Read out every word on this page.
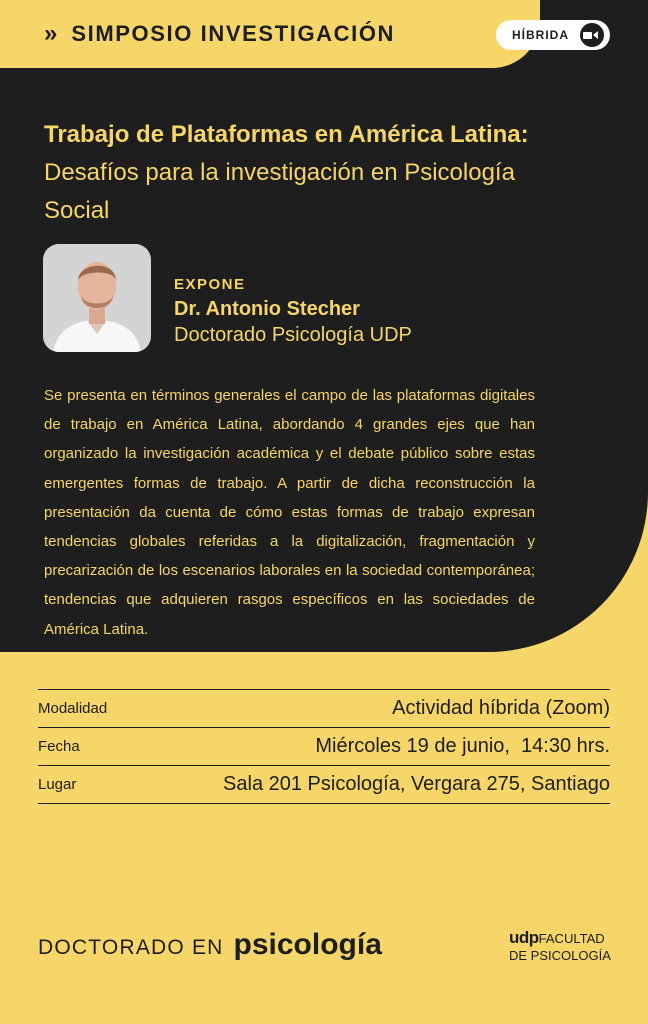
» SIMPOSIO INVESTIGACIÓN	HÍBRIDA
Trabajo de Plataformas en América Latina: Desafíos para la investigación en Psicología Social
EXPONE
Dr. Antonio Stecher
Doctorado Psicología UDP
Se presenta en términos generales el campo de las plataformas digitales de trabajo en América Latina, abordando 4 grandes ejes que han organizado la investigación académica y el debate público sobre estas emergentes formas de trabajo. A partir de dicha reconstrucción la presentación da cuenta de cómo estas formas de trabajo expresan tendencias globales referidas a la digitalización, fragmentación y precarización de los escenarios laborales en la sociedad contemporánea; tendencias que adquieren rasgos específicos en las sociedades de América Latina.
Modalidad	Actividad híbrida (Zoom)
Fecha	Miércoles 19 de junio,  14:30 hrs.
Lugar	Sala 201 Psicología, Vergara 275, Santiago
DOCTORADO EN psicología	udpFACULTAD
DE PSICOLOGÍA
